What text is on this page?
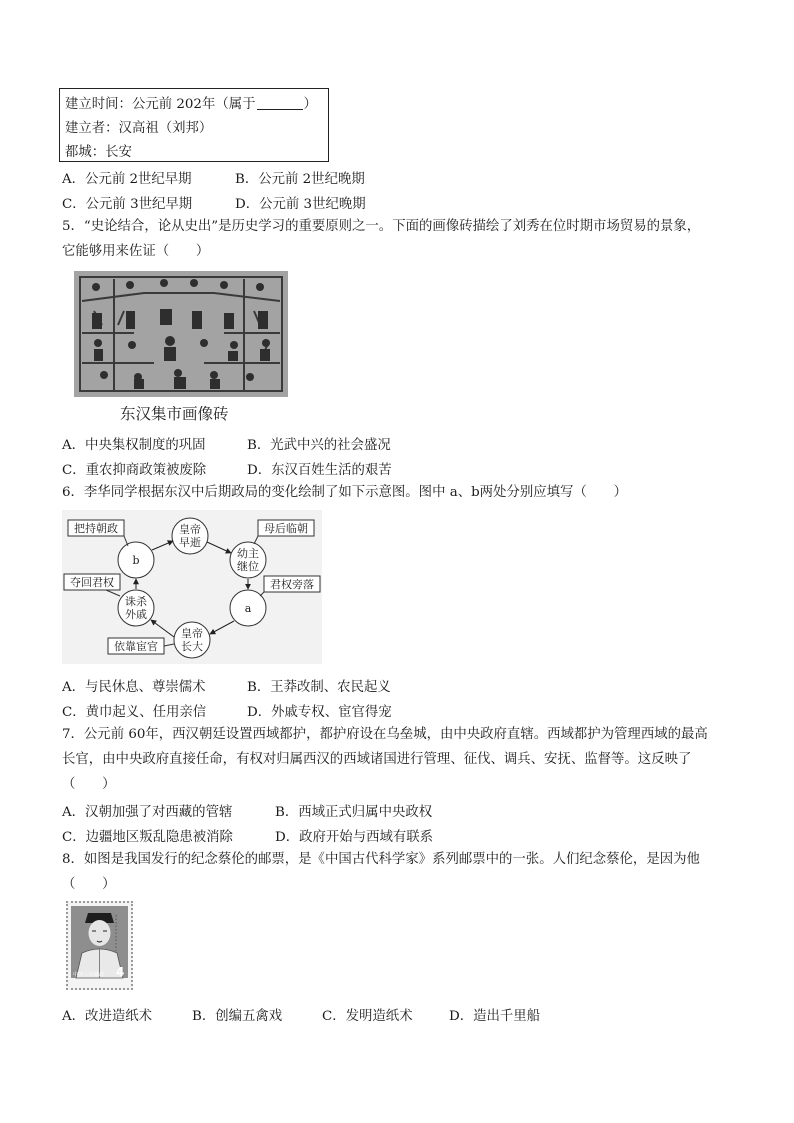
建立时间：公元前 202年（属于	）
建立者：汉高祖（刘邦）
都城：长安
A．公元前 2世纪早期	B．公元前 2世纪晚期
C．公元前 3世纪早期	D．公元前 3世纪晚期
5．“史论结合，论从史出”是历史学习的重要原则之一。下面的画像砖描绘了刘秀在位时期市场贸易的景象，
它能够用来佐证（　　）
东汉集市画像砖
A．中央集权制度的巩固	B．光武中兴的社会盛况
C．重农抑商政策被废除	D．东汉百姓生活的艰苦
6．李华同学根据东汉中后期政局的变化绘制了如下示意图。图中 a、b两处分别应填写（　　）
皇帝
早逝
幼主
继位
a
皇帝
长大
诛杀
外戚
b
把持朝政	母后临朝
君权旁落
依靠宦官
夺回君权
A．与民休息、尊崇儒术	B．王莽改制、农民起义
C．黄巾起义、任用亲信	D．外戚专权、宦官得宠
7．公元前 60年，西汉朝廷设置西域都护，都护府设在乌垒城，由中央政府直辖。西域都护为管理西域的最高
长官，由中央政府直接任命，有权对归属西汉的西域诸国进行管理、征伐、调兵、安抚、监督等。这反映了
（　　）
A．汉朝加强了对西藏的管辖	B．西域正式归属中央政权
C．边疆地区叛乱隐患被消除	D．政府开始与西域有联系
8．如图是我国发行的纪念蔡伦的邮票，是《中国古代科学家》系列邮票中的一张。人们纪念蔡伦，是因为他
（　　）
中国人民邮政 4
A．改进造纸术	B．创编五禽戏	C．发明造纸术	D．造出千里船
